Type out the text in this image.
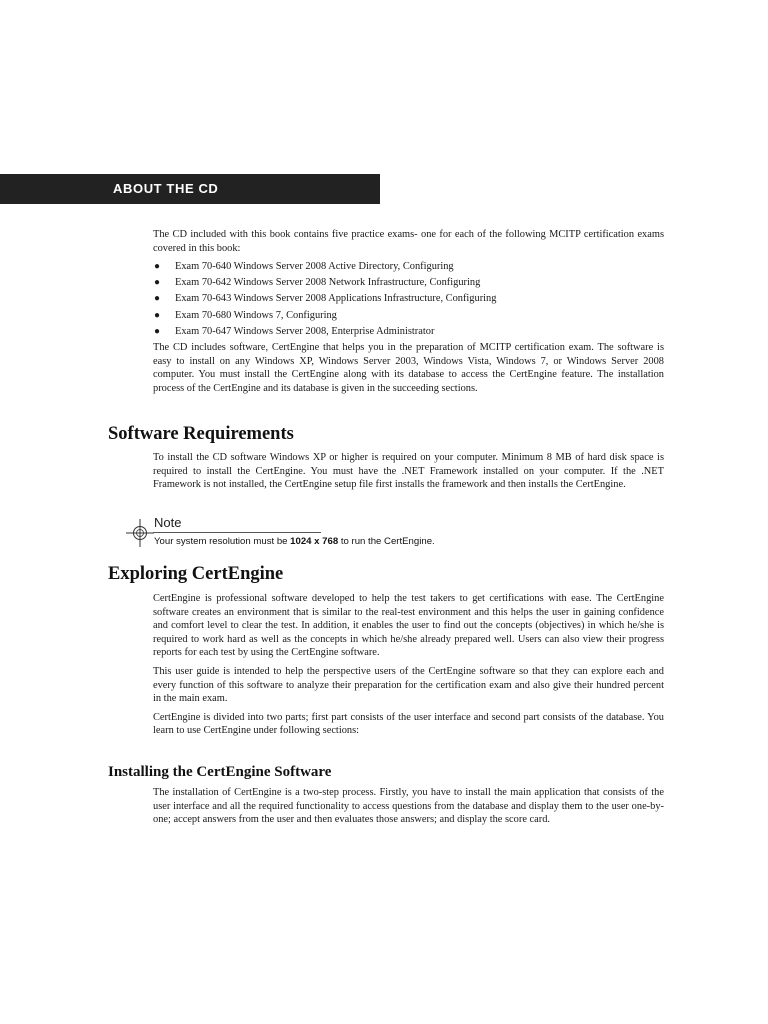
ABOUT THE CD

The CD included with this book contains five practice exams- one for each of the following MCITP certification exams covered in this book:

● Exam 70-640 Windows Server 2008 Active Directory, Configuring
● Exam 70-642 Windows Server 2008 Network Infrastructure, Configuring
● Exam 70-643 Windows Server 2008 Applications Infrastructure, Configuring
● Exam 70-680 Windows 7, Configuring
● Exam 70-647 Windows Server 2008, Enterprise Administrator

The CD includes software, CertEngine that helps you in the preparation of MCITP certification exam. The software is easy to install on any Windows XP, Windows Server 2003, Windows Vista, Windows 7, or Windows Server 2008 computer. You must install the CertEngine along with its database to access the CertEngine feature. The installation process of the CertEngine and its database is given in the succeeding sections.

Software Requirements

To install the CD software Windows XP or higher is required on your computer. Minimum 8 MB of hard disk space is required to install the CertEngine. You must have the .NET Framework installed on your computer. If the .NET Framework is not installed, the CertEngine setup file first installs the framework and then installs the CertEngine.

Note
Your system resolution must be 1024 x 768 to run the CertEngine.
Exploring CertEngine

CertEngine is professional software developed to help the test takers to get certifications with ease. The CertEngine software creates an environment that is similar to the real-test environment and this helps the user in gaining confidence and comfort level to clear the test. In addition, it enables the user to find out the concepts (objectives) in which he/she is required to work hard as well as the concepts in which he/she already prepared well. Users can also view their progress reports for each test by using the CertEngine software.

This user guide is intended to help the perspective users of the CertEngine software so that they can explore each and every function of this software to analyze their preparation for the certification exam and also give their hundred percent in the main exam.

CertEngine is divided into two parts; first part consists of the user interface and second part consists of the database. You learn to use CertEngine under following sections:

Installing the CertEngine Software

The installation of CertEngine is a two-step process. Firstly, you have to install the main application that consists of the user interface and all the required functionality to access questions from the database and display them to the user one-by-one; accept answers from the user and then evaluates those answers; and display the score card.
